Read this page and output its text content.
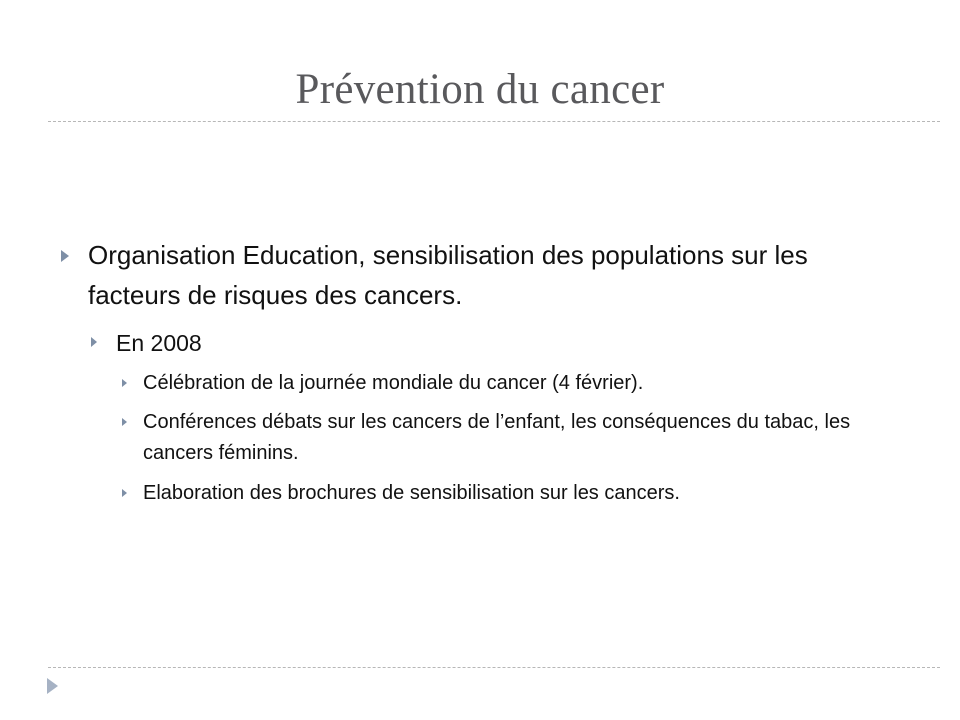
Prévention du cancer
Organisation Education, sensibilisation des populations sur les facteurs de risques des cancers.
En 2008
Célébration de la journée mondiale du cancer (4 février).
Conférences débats sur les cancers de l’enfant, les conséquences du tabac, les cancers féminins.
Elaboration des brochures de sensibilisation sur les cancers.
